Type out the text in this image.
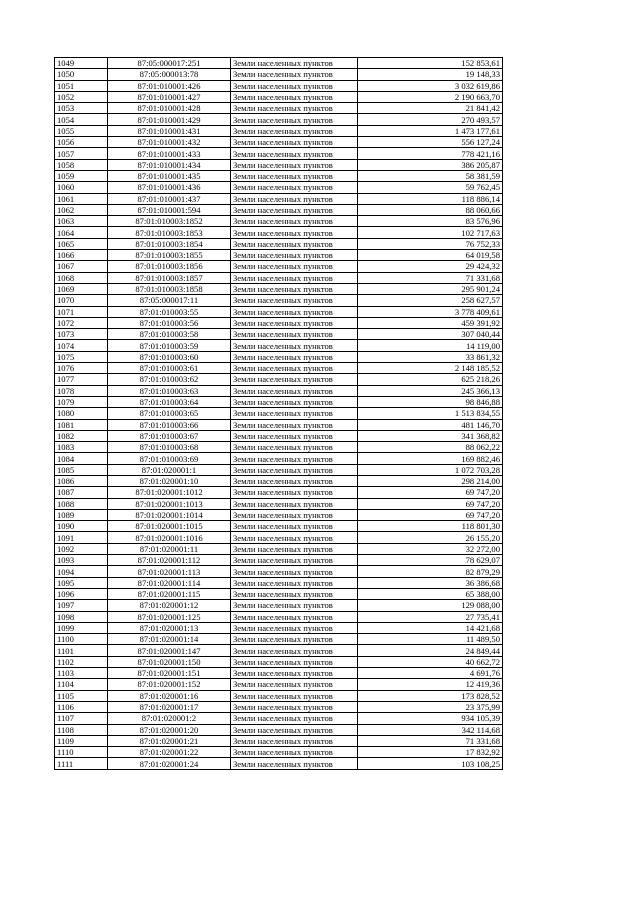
1049	87:05:000017:251	Земли населенных пунктов	152 853,61
1050	87:05:000013:78	Земли населенных пунктов	19 148,33
1051	87:01:010001:426	Земли населенных пунктов	3 032 619,86
1052	87:01:010001:427	Земли населенных пунктов	2 190 663,70
1053	87:01:010001:428	Земли населенных пунктов	21 841,42
1054	87:01:010001:429	Земли населенных пунктов	270 493,57
1055	87:01:010001:431	Земли населенных пунктов	1 473 177,61
1056	87:01:010001:432	Земли населенных пунктов	556 127,24
1057	87:01:010001:433	Земли населенных пунктов	778 421,16
1058	87:01:010001:434	Земли населенных пунктов	386 205,87
1059	87:01:010001:435	Земли населенных пунктов	58 381,59
1060	87:01:010001:436	Земли населенных пунктов	59 762,45
1061	87:01:010001:437	Земли населенных пунктов	118 886,14
1062	87:01:010001:594	Земли населенных пунктов	88 060,66
1063	87:01:010003:1852	Земли населенных пунктов	83 576,96
1064	87:01:010003:1853	Земли населенных пунктов	102 717,63
1065	87:01:010003:1854	Земли населенных пунктов	76 752,33
1066	87:01:010003:1855	Земли населенных пунктов	64 019,58
1067	87:01:010003:1856	Земли населенных пунктов	29 424,32
1068	87:01:010003:1857	Земли населенных пунктов	71 331,68
1069	87:01:010003:1858	Земли населенных пунктов	295 901,24
1070	87:05:000017:11	Земли населенных пунктов	258 627,57
1071	87:01:010003:55	Земли населенных пунктов	3 778 409,61
1072	87:01:010003:56	Земли населенных пунктов	459 391,92
1073	87:01:010003:58	Земли населенных пунктов	307 040,44
1074	87:01:010003:59	Земли населенных пунктов	14 119,00
1075	87:01:010003:60	Земли населенных пунктов	33 861,32
1076	87:01:010003:61	Земли населенных пунктов	2 148 185,52
1077	87:01:010003:62	Земли населенных пунктов	625 218,26
1078	87:01:010003:63	Земли населенных пунктов	245 366,13
1079	87:01:010003:64	Земли населенных пунктов	98 846,88
1080	87:01:010003:65	Земли населенных пунктов	1 513 834,55
1081	87:01:010003:66	Земли населенных пунктов	481 146,70
1082	87:01:010003:67	Земли населенных пунктов	341 368,82
1083	87:01:010003:68	Земли населенных пунктов	88 062,22
1084	87:01:010003:69	Земли населенных пунктов	169 882,46
1085	87:01:020001:1	Земли населенных пунктов	1 072 703,28
1086	87:01:020001:10	Земли населенных пунктов	298 214,00
1087	87:01:020001:1012	Земли населенных пунктов	69 747,20
1088	87:01:020001:1013	Земли населенных пунктов	69 747,20
1089	87:01:020001:1014	Земли населенных пунктов	69 747,20
1090	87:01:020001:1015	Земли населенных пунктов	118 801,30
1091	87:01:020001:1016	Земли населенных пунктов	26 155,20
1092	87:01:020001:11	Земли населенных пунктов	32 272,00
1093	87:01:020001:112	Земли населенных пунктов	78 629,07
1094	87:01:020001:113	Земли населенных пунктов	82 879,29
1095	87:01:020001:114	Земли населенных пунктов	36 386,68
1096	87:01:020001:115	Земли населенных пунктов	65 388,00
1097	87:01:020001:12	Земли населенных пунктов	129 088,00
1098	87:01:020001:125	Земли населенных пунктов	27 735,41
1099	87:01:020001:13	Земли населенных пунктов	14 421,68
1100	87:01:020001:14	Земли населенных пунктов	11 489,50
1101	87:01:020001:147	Земли населенных пунктов	24 849,44
1102	87:01:020001:150	Земли населенных пунктов	40 662,72
1103	87:01:020001:151	Земли населенных пунктов	4 691,76
1104	87:01:020001:152	Земли населенных пунктов	12 419,36
1105	87:01:020001:16	Земли населенных пунктов	173 828,52
1106	87:01:020001:17	Земли населенных пунктов	23 375,99
1107	87:01:020001:2	Земли населенных пунктов	934 105,39
1108	87:01:020001:20	Земли населенных пунктов	342 114,68
1109	87:01:020001:21	Земли населенных пунктов	71 331,68
1110	87:01:020001:22	Земли населенных пунктов	17 832,92
1111	87:01:020001:24	Земли населенных пунктов	103 108,25
